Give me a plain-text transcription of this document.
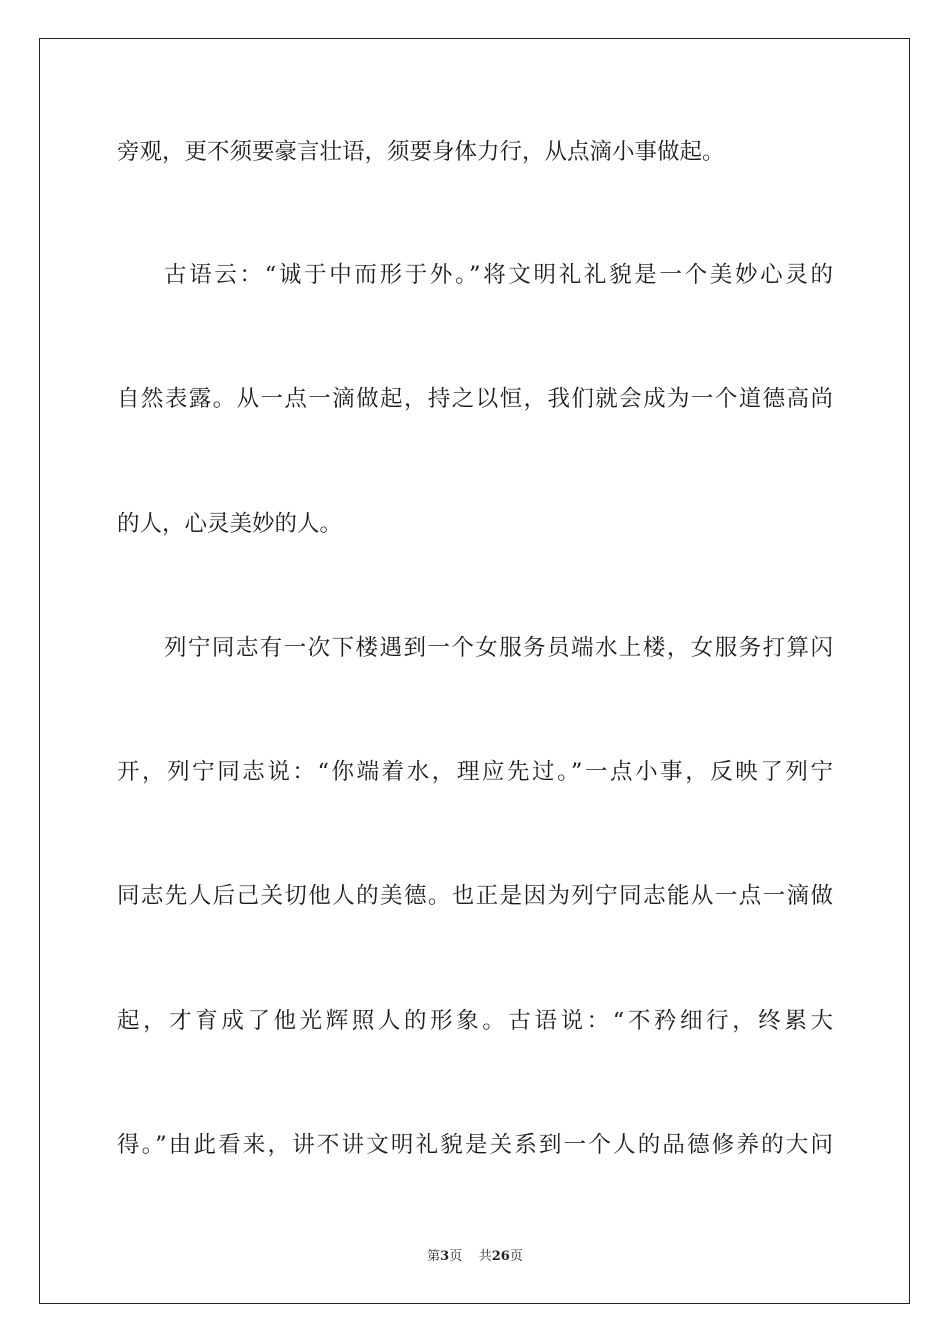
旁观，更不须要豪言壮语，须要身体力行，从点滴小事做起。
古语云：“诚于中而形于外。”将文明礼礼貌是一个美妙心灵的
自然表露。从一点一滴做起，持之以恒，我们就会成为一个道德高尚
的人，心灵美妙的人。
列宁同志有一次下楼遇到一个女服务员端水上楼，女服务打算闪
开，列宁同志说：“你端着水，理应先过。”一点小事，反映了列宁
同志先人后己关切他人的美德。也正是因为列宁同志能从一点一滴做
起，才育成了他光辉照人的形象。古语说：“不矜细行，终累大
得。”由此看来，讲不讲文明礼貌是关系到一个人的品德修养的大问
第3页 共26页
